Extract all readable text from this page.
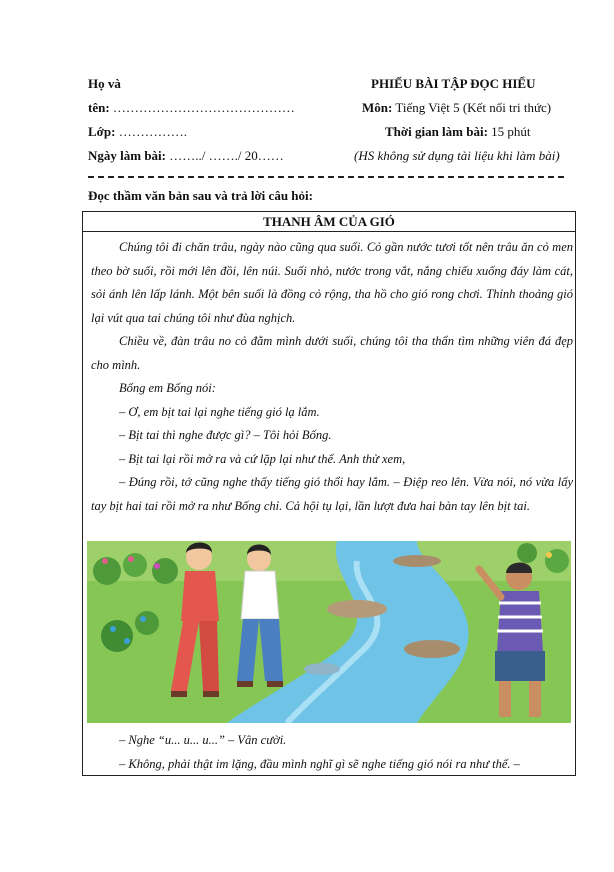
Họ và
tên: ……………………………………
Lớp: …………….
Ngày làm bài: ……../ ……./ 20……
PHIẾU BÀI TẬP ĐỌC HIỂU
Môn: Tiếng Việt 5 (Kết nối tri thức)
Thời gian làm bài: 15 phút
(HS không sử dụng tài liệu khi làm bài)
Đọc thầm văn bản sau và trả lời câu hỏi:
THANH ÂM CỦA GIÓ

Chúng tôi đi chăn trâu, ngày nào cũng qua suối. Cỏ gần nước tươi tốt nên trâu ăn cỏ men theo bờ suối, rồi mới lên đồi, lên núi. Suối nhỏ, nước trong vắt, nắng chiếu xuống đáy làm cát, sỏi ánh lên lấp lánh. Một bên suối là đồng cỏ rộng, tha hồ cho gió rong chơi. Thỉnh thoảng gió lại vút qua tai chúng tôi như đùa nghịch.

Chiều về, đàn trâu no cỏ đằm mình dưới suối, chúng tôi tha thẩn tìm những viên đá đẹp cho mình.

Bống em Bống nói:

– Ơ, em bịt tai lại nghe tiếng gió lạ lắm.

– Bịt tai thì nghe được gì? – Tôi hỏi Bống.

– Bịt tai lại rồi mở ra và cứ lặp lại như thế. Anh thử xem,

– Đúng rồi, tớ cũng nghe thấy tiếng gió thổi hay lắm. – Điệp reo lên. Vừa nói, nó vừa lấy tay bịt hai tai rồi mở ra như Bống chỉ. Cả hội tụ lại, lần lượt đưa hai bàn tay lên bịt tai.

– Nghe “u... u... u...” – Vân cười.

– Không, phải thật im lặng, đầu mình nghĩ gì sẽ nghe tiếng gió nói ra như thế. –
